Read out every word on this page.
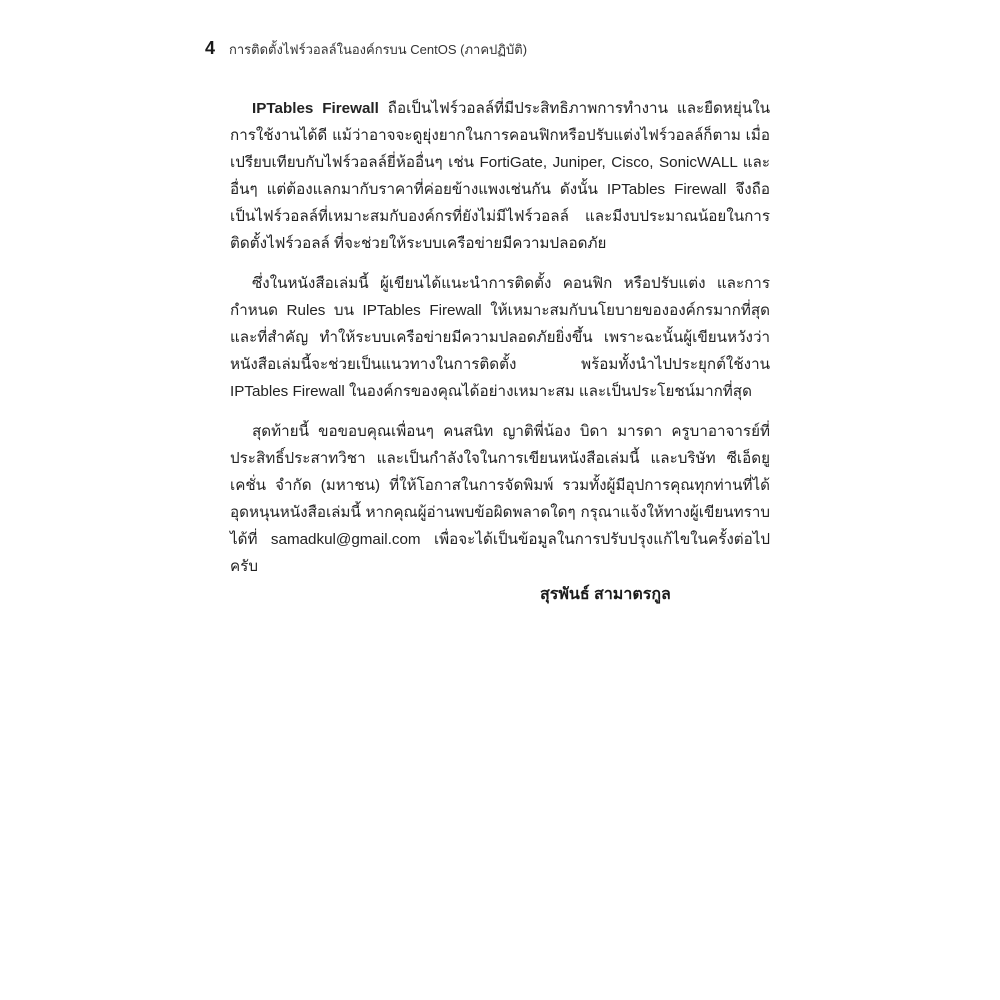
4 การติดตั้งไฟร์วอลล์ในองค์กรบน CentOS (ภาคปฏิบัติ)

IPTables Firewall ถือเป็นไฟร์วอลล์ที่มีประสิทธิภาพการทำงาน และยืดหยุ่นในการใช้งานได้ดี แม้ว่าอาจจะดูยุ่งยากในการคอนฟิกหรือปรับแต่งไฟร์วอลล์ก็ตาม เมื่อเปรียบเทียบกับไฟร์วอลล์ยี่ห้ออื่นๆ เช่น FortiGate, Juniper, Cisco, SonicWALL และอื่นๆ แต่ต้องแลกมากับราคาที่ค่อยข้างแพงเช่นกัน ดังนั้น IPTables Firewall จึงถือเป็นไฟร์วอลล์ที่เหมาะสมกับองค์กรที่ยังไม่มีไฟร์วอลล์ และมีงบประมาณน้อยในการติดตั้งไฟร์วอลล์ ที่จะช่วยให้ระบบเครือข่ายมีความปลอดภัย

ซึ่งในหนังสือเล่มนี้ ผู้เขียนได้แนะนำการติดตั้ง คอนฟิก หรือปรับแต่ง และการกำหนด Rules บน IPTables Firewall ให้เหมาะสมกับนโยบายขององค์กรมากที่สุด และที่สำคัญ ทำให้ระบบเครือข่ายมีความปลอดภัยยิ่งขึ้น เพราะฉะนั้นผู้เขียนหวังว่าหนังสือเล่มนี้จะช่วยเป็นแนวทางในการติดตั้ง พร้อมทั้งนำไปประยุกต์ใช้งาน IPTables Firewall ในองค์กรของคุณได้อย่างเหมาะสม และเป็นประโยชน์มากที่สุด

สุดท้ายนี้ ขอขอบคุณเพื่อนๆ คนสนิท ญาติพี่น้อง บิดา มารดา ครูบาอาจารย์ที่ประสิทธิ์ประสาทวิชา และเป็นกำลังใจในการเขียนหนังสือเล่มนี้ และบริษัท ซีเอ็ดยูเคชั่น จำกัด (มหาชน) ที่ให้โอกาสในการจัดพิมพ์ รวมทั้งผู้มีอุปการคุณทุกท่านที่ได้อุดหนุนหนังสือเล่มนี้ หากคุณผู้อ่านพบข้อผิดพลาดใดๆ กรุณาแจ้งให้ทางผู้เขียนทราบได้ที่ samadkul@gmail.com เพื่อจะได้เป็นข้อมูลในการปรับปรุงแก้ไขในครั้งต่อไปครับ

สุรพันธ์ สามาตรกูล
